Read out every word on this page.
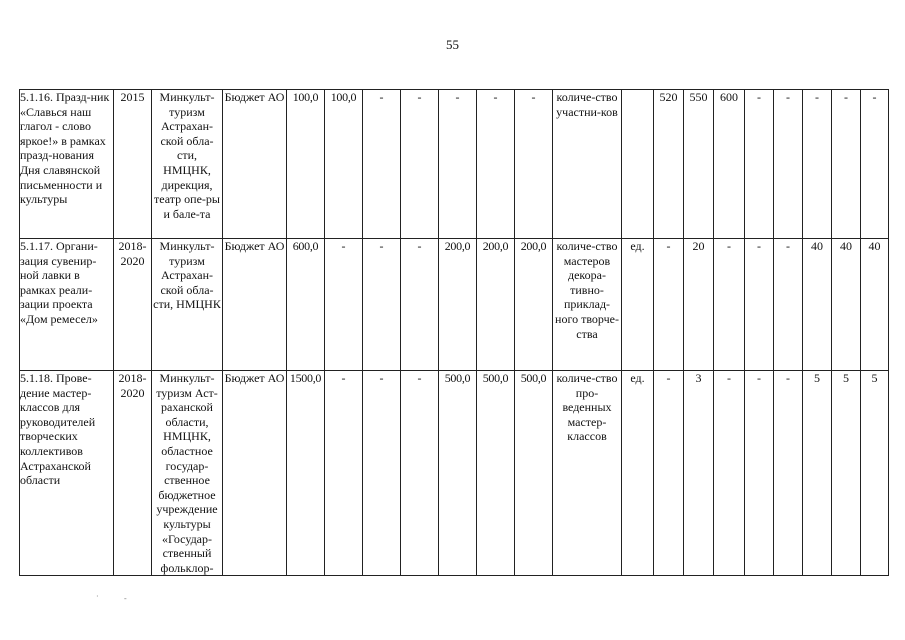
55
5.1.16. Празд-ник «Славься наш глагол - слово яркое!» в рамках празд-нования Дня славянской письменности и культуры	2015	Минкульт-туризм Астрахан-ской обла-сти, НМЦНК, дирекция, театр опе-ры и бале-та	Бюджет АО	100,0	100,0	-	-	-	-	-	количе-ство участни-ков		520	550	600	-	-	-	-	-
5.1.17. Органи-зация сувенир-ной лавки в рамках реали-зации проекта «Дом ремесел»	2018-2020	Минкульт-туризм Астрахан-ской обла-сти, НМЦНК	Бюджет АО	600,0	-	-	-	200,0	200,0	200,0	количе-ство мастеров декора-тивно-приклад-ного творче-ства	ед.	-	20	-	-	-	40	40	40
5.1.18. Прове-дение мастер-классов для руководителей творческих коллективов Астраханской области	2018-2020	Минкульт-туризм Аст-раханской области, НМЦНК, областное государ-ственное бюджетное учреждение культуры «Государ-ственный фольклор-	Бюджет АО	1500,0	-	-	-	500,0	500,0	500,0	количе-ство про-веденных мастер-классов	ед.	-	3	-	-	-	5	5	5
-
·
